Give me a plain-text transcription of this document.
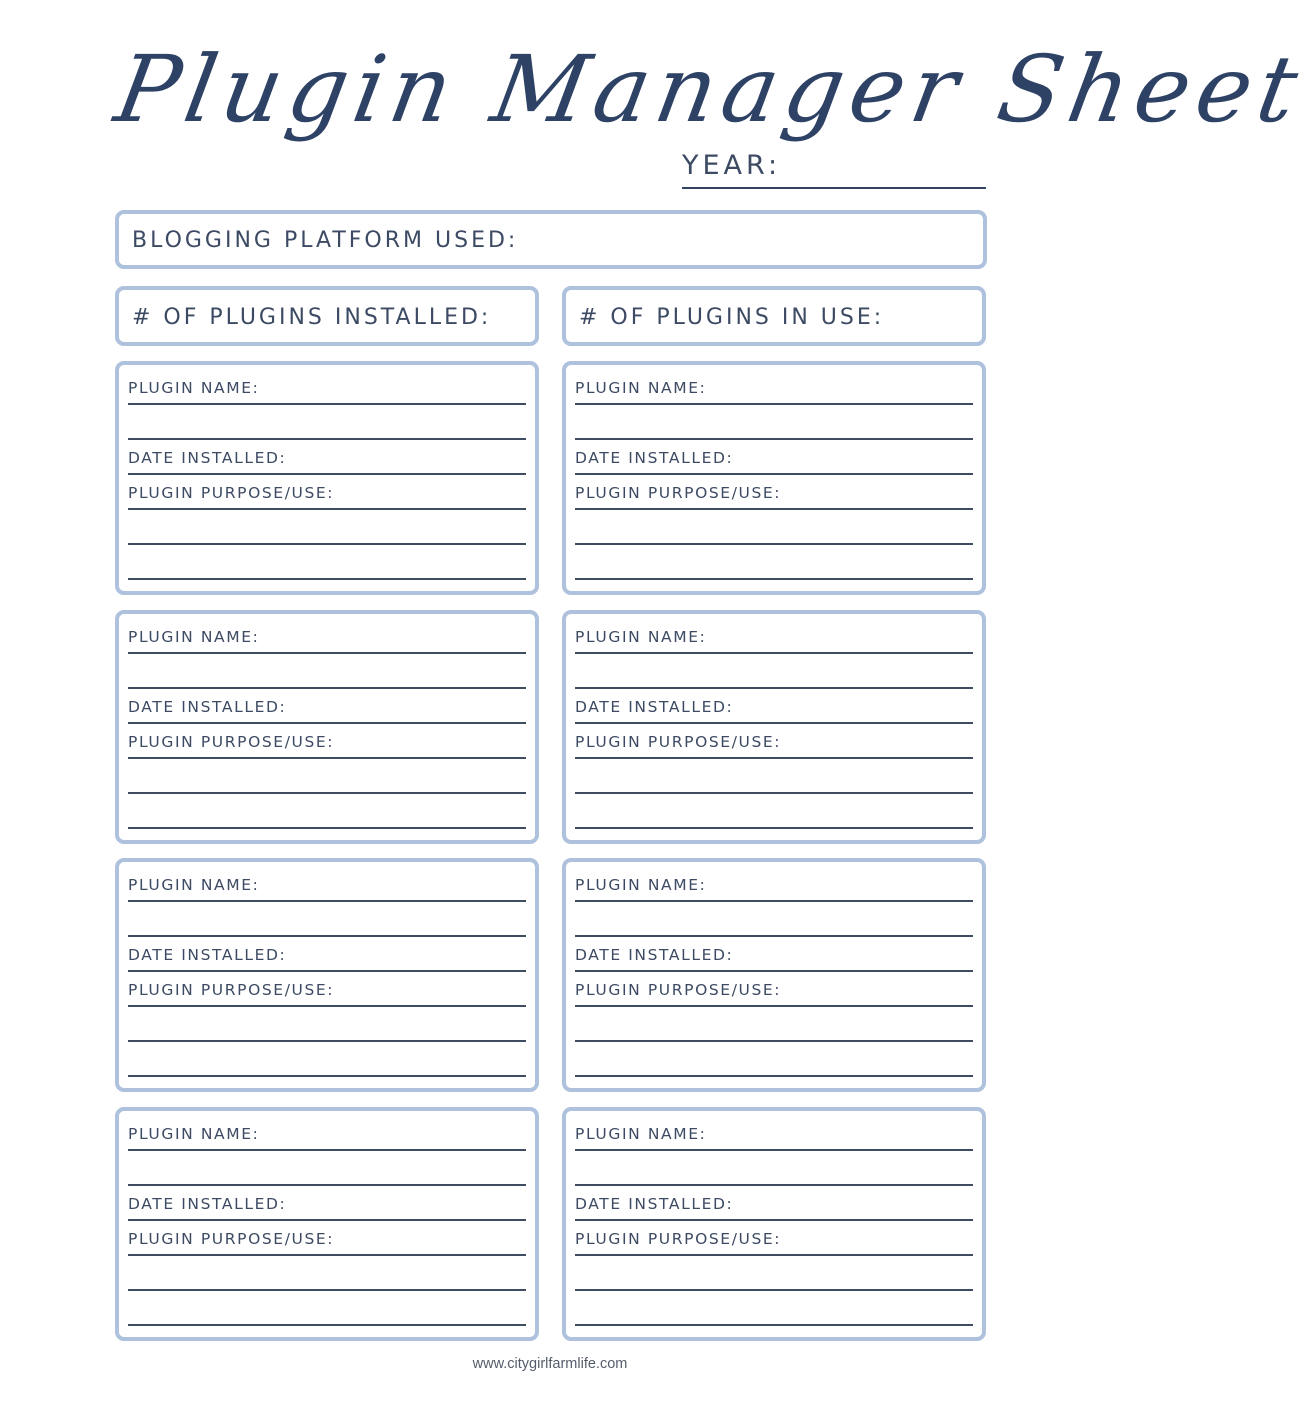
Plugin Manager Sheet
YEAR:
BLOGGING PLATFORM USED:
# OF PLUGINS INSTALLED:	# OF PLUGINS IN USE:
PLUGIN NAME:
DATE INSTALLED:
PLUGIN PURPOSE/USE:
PLUGIN NAME:
DATE INSTALLED:
PLUGIN PURPOSE/USE:
PLUGIN NAME:
DATE INSTALLED:
PLUGIN PURPOSE/USE:
PLUGIN NAME:
DATE INSTALLED:
PLUGIN PURPOSE/USE:
PLUGIN NAME:
DATE INSTALLED:
PLUGIN PURPOSE/USE:
PLUGIN NAME:
DATE INSTALLED:
PLUGIN PURPOSE/USE:
PLUGIN NAME:
DATE INSTALLED:
PLUGIN PURPOSE/USE:
PLUGIN NAME:
DATE INSTALLED:
PLUGIN PURPOSE/USE:
www.citygirlfarmlife.com
